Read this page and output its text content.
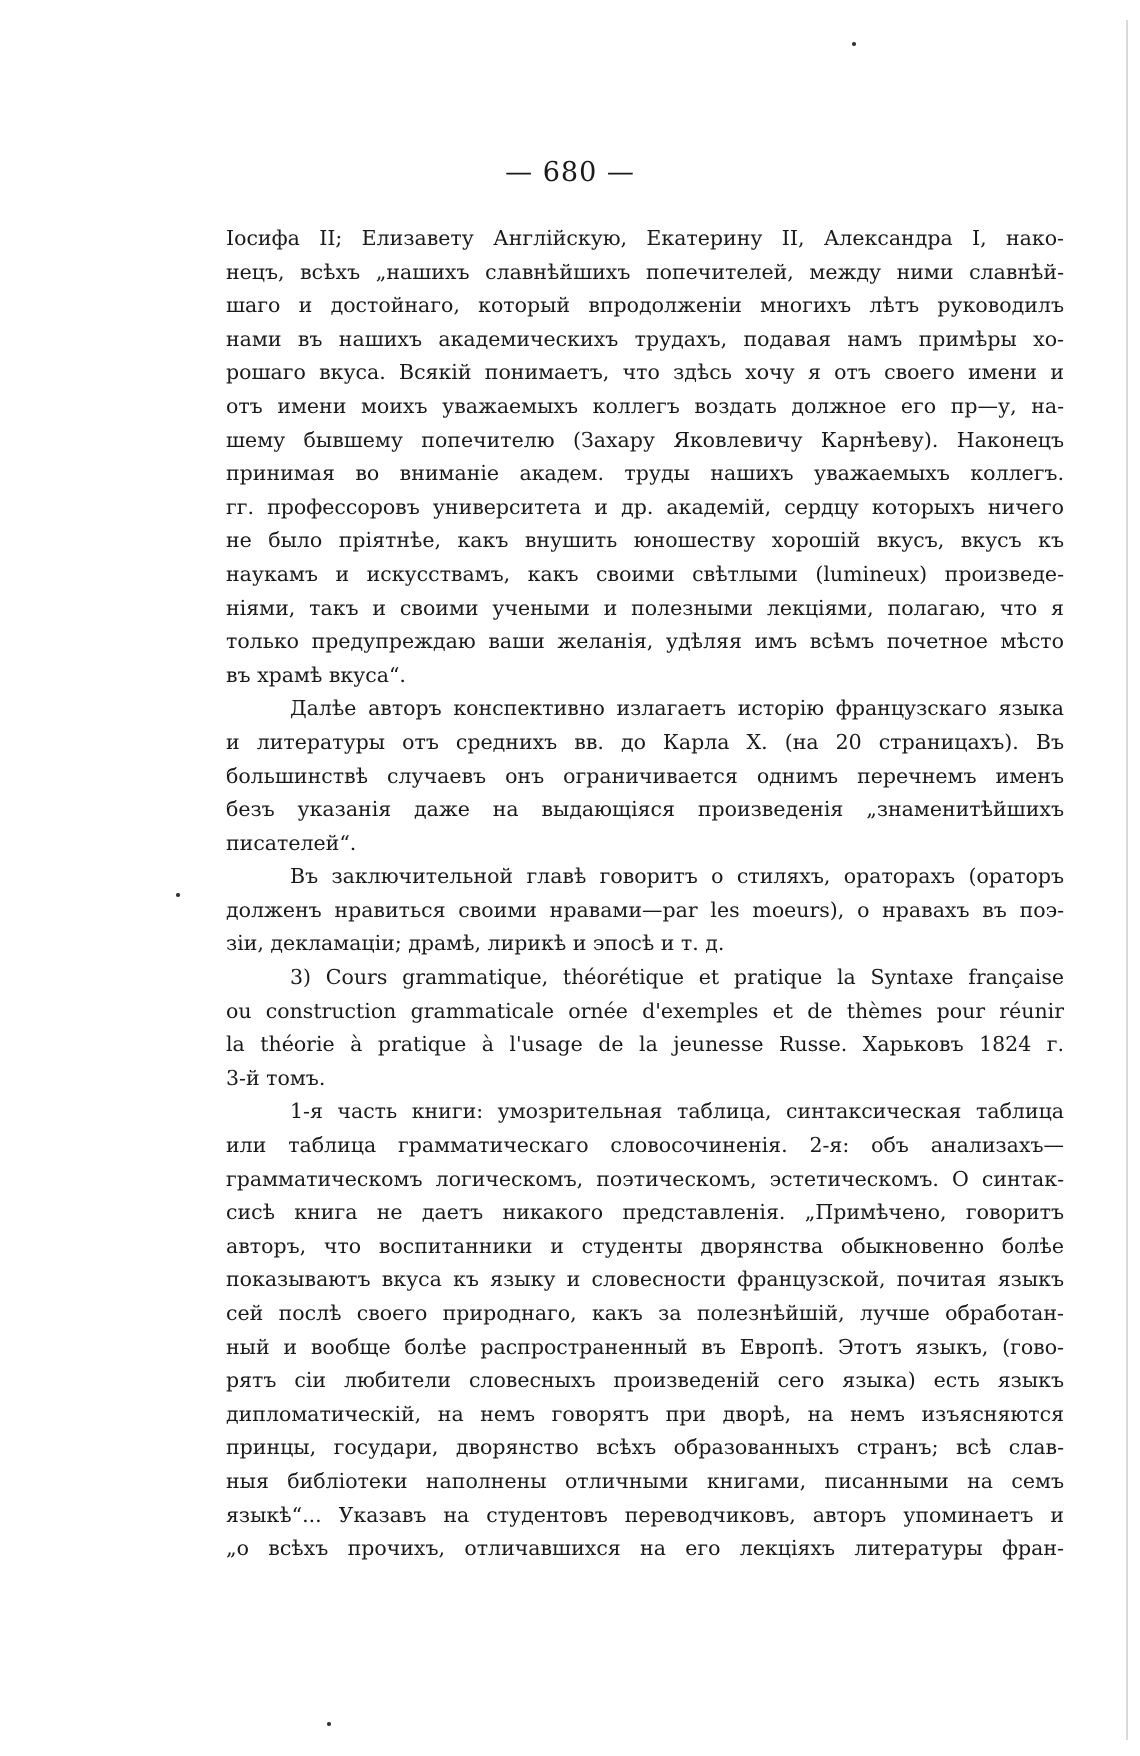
— 680 —
Іосифа II; Елизавету Англійскую, Екатерину II, Александра I, нако-
нецъ, всѣхъ „нашихъ славнѣйшихъ попечителей, между ними славнѣй-
шаго и достойнаго, который впродолженіи многихъ лѣтъ руководилъ
нами въ нашихъ академическихъ трудахъ, подавая намъ примѣры хо-
рошаго вкуса. Всякій понимаетъ, что здѣсь хочу я отъ своего имени и
отъ имени моихъ уважаемыхъ коллегъ воздать должное его пр—у, на-
шему бывшему попечителю (Захару Яковлевичу Карнѣеву). Наконецъ
принимая во вниманіе академ. труды нашихъ уважаемыхъ коллегъ.
гг. профессоровъ университета и др. академій, сердцу которыхъ ничего
не было пріятнѣе, какъ внушить юношеству хорошій вкусъ, вкусъ къ
наукамъ и искусствамъ, какъ своими свѣтлыми (lumineux) произведе-
ніями, такъ и своими учеными и полезными лекціями, полагаю, что я
только предупреждаю ваши желанія, удѣляя имъ всѣмъ почетное мѣсто
въ храмѣ вкуса“.
Далѣе авторъ конспективно излагаетъ исторію французскаго языка
и литературы отъ среднихъ вв. до Карла X. (на 20 страницахъ). Въ
большинствѣ случаевъ онъ ограничивается однимъ перечнемъ именъ
безъ указанія даже на выдающіяся произведенія „знаменитѣйшихъ
писателей“.
Въ заключительной главѣ говоритъ о стиляхъ, ораторахъ (ораторъ
долженъ нравиться своими нравами—par les moeurs), о нравахъ въ поэ-
зіи, декламаціи; драмѣ, лирикѣ и эпосѣ и т. д.
3) Cours grammatique, théorétique et pratique la Syntaxe française
ou construction grammaticale ornée d'exemples et de thèmes pour réunir
la théorie à pratique à l'usage de la jeunesse Russe. Харьковъ 1824 г.
3-й томъ.
1-я часть книги: умозрительная таблица, синтаксическая таблица
или таблица грамматическаго словосочиненія. 2-я: объ анализахъ—
грамматическомъ логическомъ, поэтическомъ, эстетическомъ. О синтак-
сисѣ книга не даетъ никакого представленія. „Примѣчено, говоритъ
авторъ, что воспитанники и студенты дворянства обыкновенно болѣе
показываютъ вкуса къ языку и словесности французской, почитая языкъ
сей послѣ своего природнаго, какъ за полезнѣйшій, лучше обработан-
ный и вообще болѣе распространенный въ Европѣ. Этотъ языкъ, (гово-
рятъ сіи любители словесныхъ произведеній сего языка) есть языкъ
дипломатическій, на немъ говорятъ при дворѣ, на немъ изъясняются
принцы, государи, дворянство всѣхъ образованныхъ странъ; всѣ слав-
ныя библіотеки наполнены отличными книгами, писанными на семъ
языкѣ“... Указавъ на студентовъ переводчиковъ, авторъ упоминаетъ и
„о всѣхъ прочихъ, отличавшихся на его лекціяхъ литературы фран-
